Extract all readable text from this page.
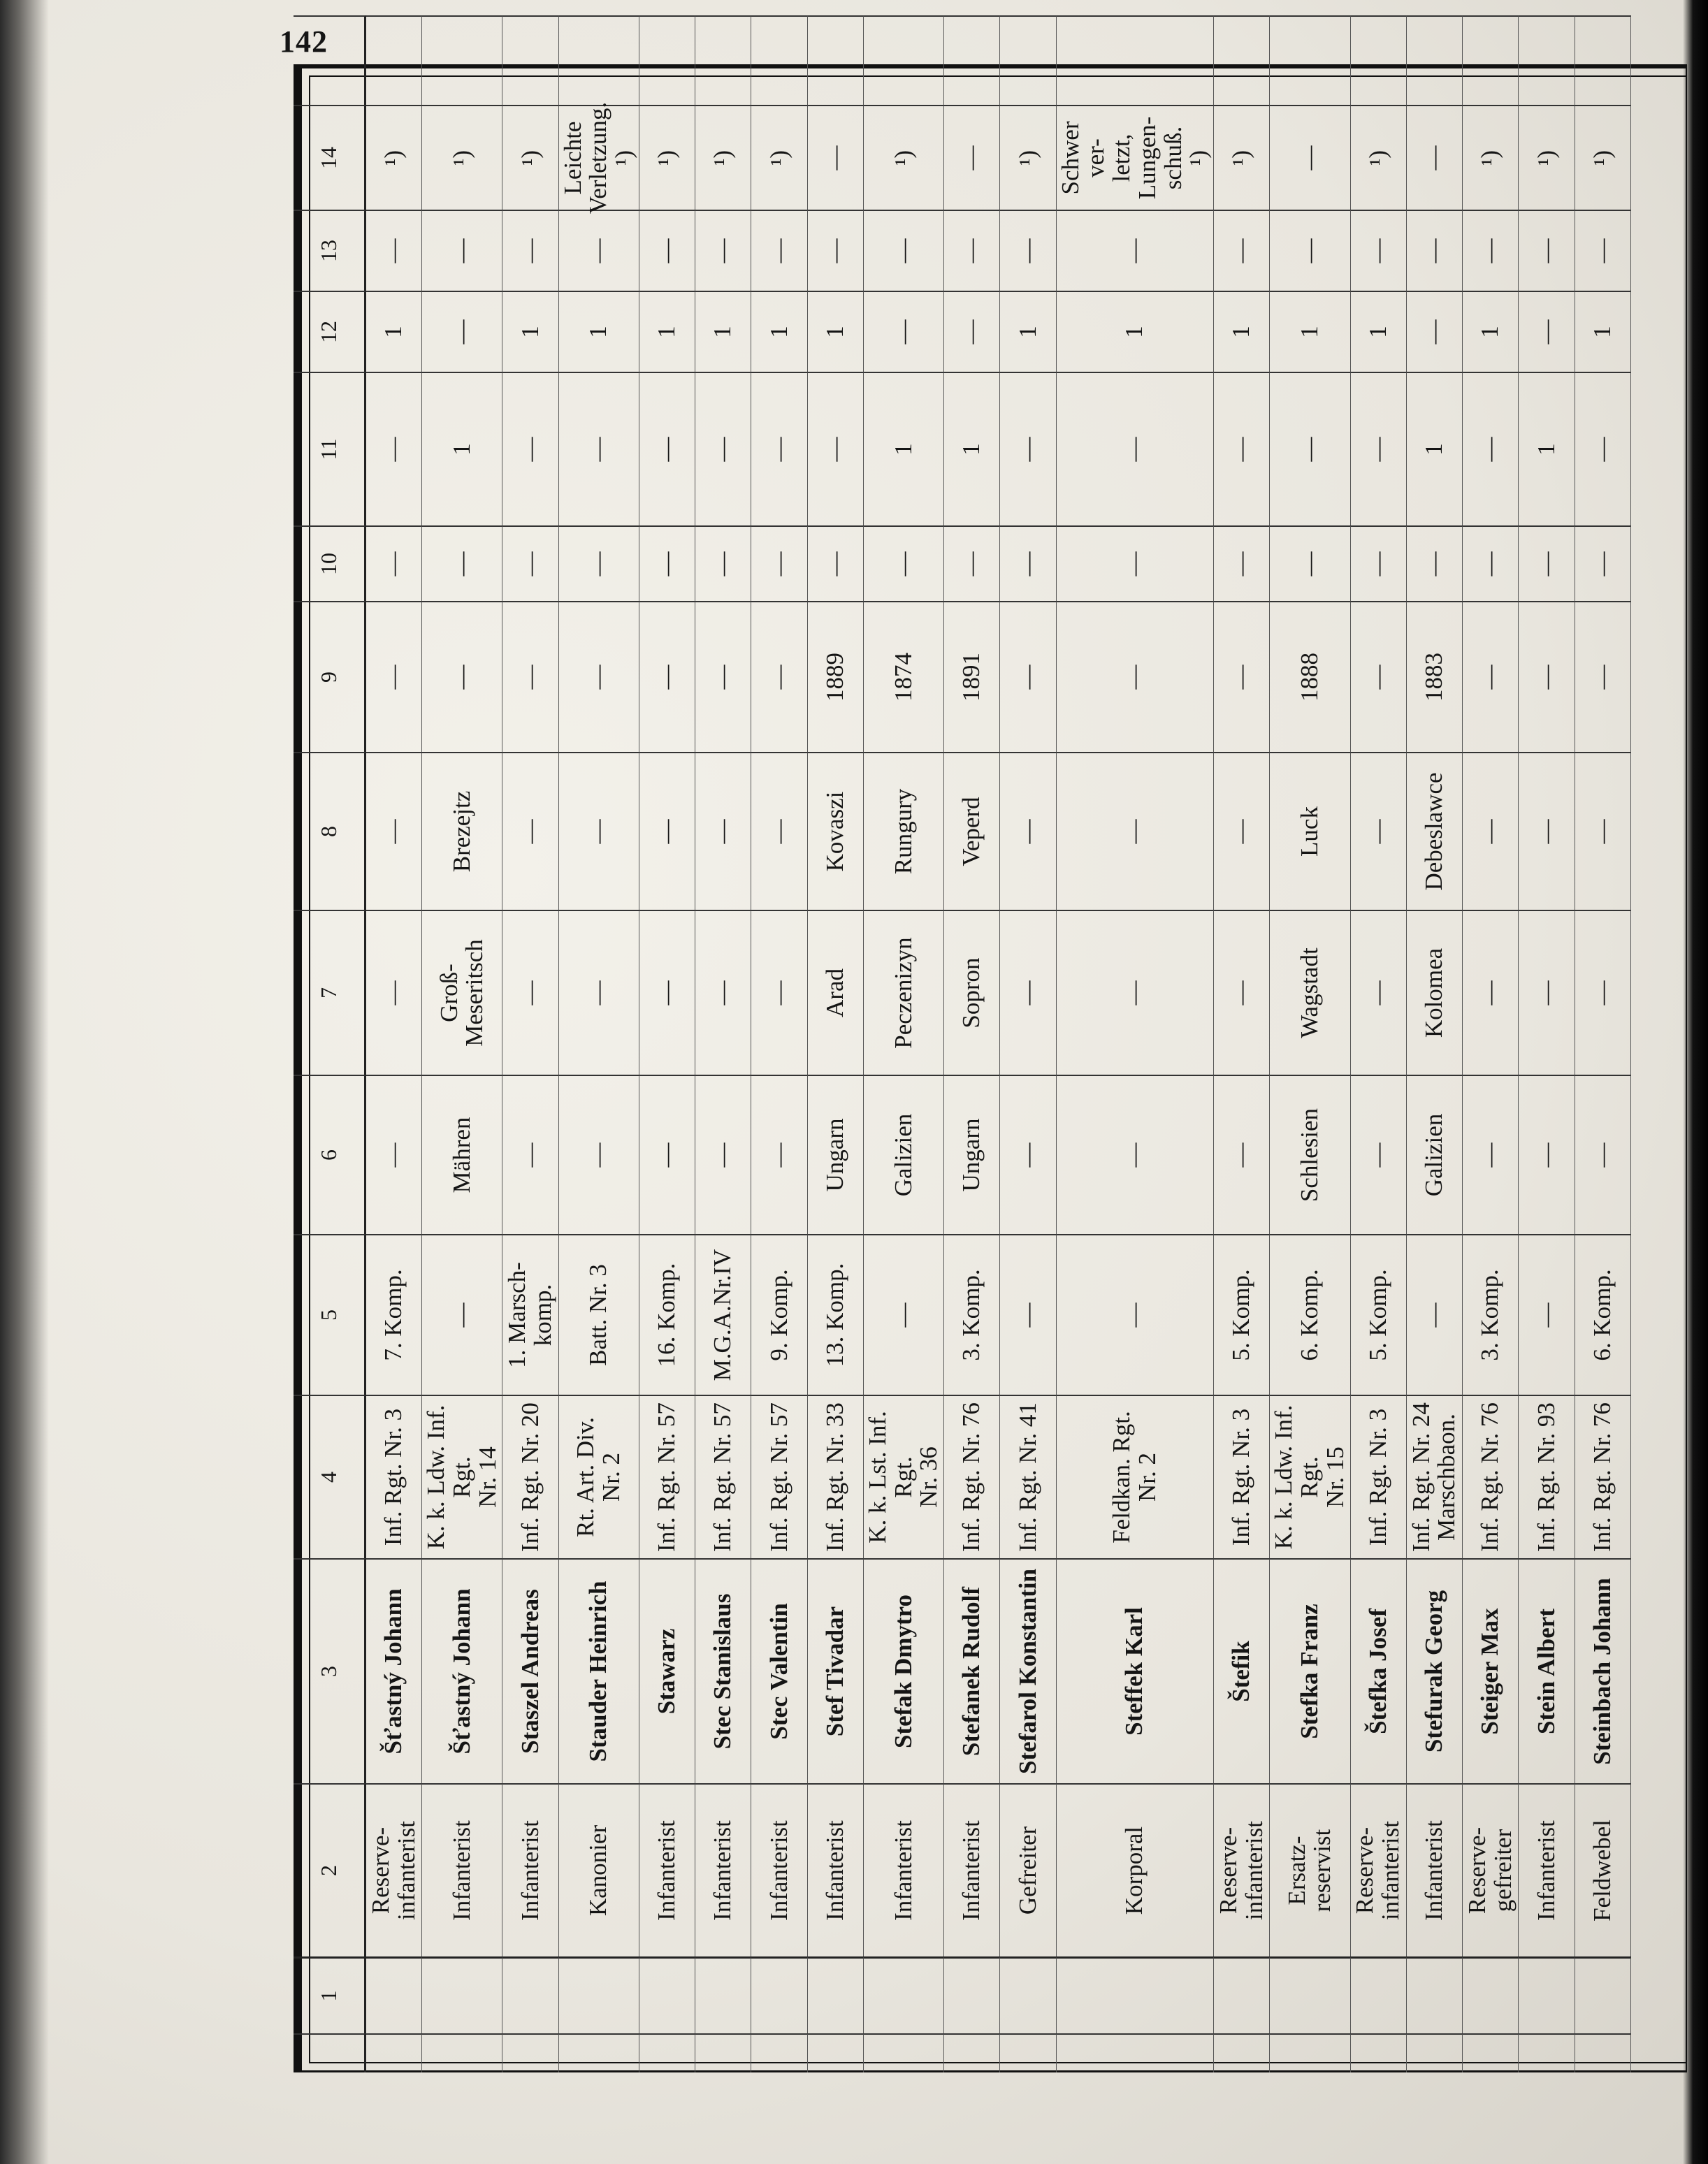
142
1
2
3
4
5
6
7
8
9
10
11
12
13
14
Reserve-
infanterist
Šťastný Johann
Inf. Rgt. Nr. 3
7. Komp.
—
—
—
—
—
—
1
—
¹)
Infanterist
Šťastný Johann
K. k. Ldw. Inf. Rgt.
Nr. 14
—
Mähren
Groß-
Meseritsch
Brezejtz
—
—
1
—
—
¹)
Infanterist
Staszel Andreas
Inf. Rgt. Nr. 20
1. Marsch-
komp.
—
—
—
—
—
—
1
—
¹)
Kanonier
Stauder Heinrich
Rt. Art. Div. Nr. 2
Batt. Nr. 3
—
—
—
—
—
—
1
—
Leichte
Verletzung.
¹)
Infanterist
Stawarz
Inf. Rgt. Nr. 57
16. Komp.
—
—
—
—
—
—
1
—
¹)
Infanterist
Stec Stanislaus
Inf. Rgt. Nr. 57
M.G.A.Nr.IV
—
—
—
—
—
—
1
—
¹)
Infanterist
Stec Valentin
Inf. Rgt. Nr. 57
9. Komp.
—
—
—
—
—
—
1
—
¹)
Infanterist
Stef Tivadar
Inf. Rgt. Nr. 33
13. Komp.
Ungarn
Arad
Kovaszi
1889
—
—
1
—
—
Infanterist
Stefak Dmytro
K. k. Lst. Inf. Rgt.
Nr. 36
—
Galizien
Peczenizyn
Rungury
1874
—
1
—
—
¹)
Infanterist
Stefanek Rudolf
Inf. Rgt. Nr. 76
3. Komp.
Ungarn
Sopron
Veperd
1891
—
1
—
—
—
Gefreiter
Stefarol Konstantin
Inf. Rgt. Nr. 41
—
—
—
—
—
—
—
1
—
¹)
Korporal
Steffek Karl
Feldkan. Rgt. Nr. 2
—
—
—
—
—
—
—
1
—
Schwer ver-
letzt, Lungen-
schuß.
¹)
Reserve-
infanterist
Štefik
Inf. Rgt. Nr. 3
5. Komp.
—
—
—
—
—
—
1
—
¹)
Ersatz-
reservist
Stefka Franz
K. k. Ldw. Inf. Rgt.
Nr. 15
6. Komp.
Schlesien
Wagstadt
Luck
1888
—
—
1
—
—
Reserve-
infanterist
Štefka Josef
Inf. Rgt. Nr. 3
5. Komp.
—
—
—
—
—
—
1
—
¹)
Infanterist
Stefurak Georg
Inf. Rgt. Nr. 24
Marschbaon.
—
Galizien
Kolomea
Debeslawce
1883
—
1
—
—
—
Reserve-
gefreiter
Steiger Max
Inf. Rgt. Nr. 76
3. Komp.
—
—
—
—
—
—
1
—
¹)
Infanterist
Stein Albert
Inf. Rgt. Nr. 93
—
—
—
—
—
—
1
—
—
¹)
Feldwebel
Steinbach Johann
Inf. Rgt. Nr. 76
6. Komp.
—
—
—
—
—
—
1
—
¹)
